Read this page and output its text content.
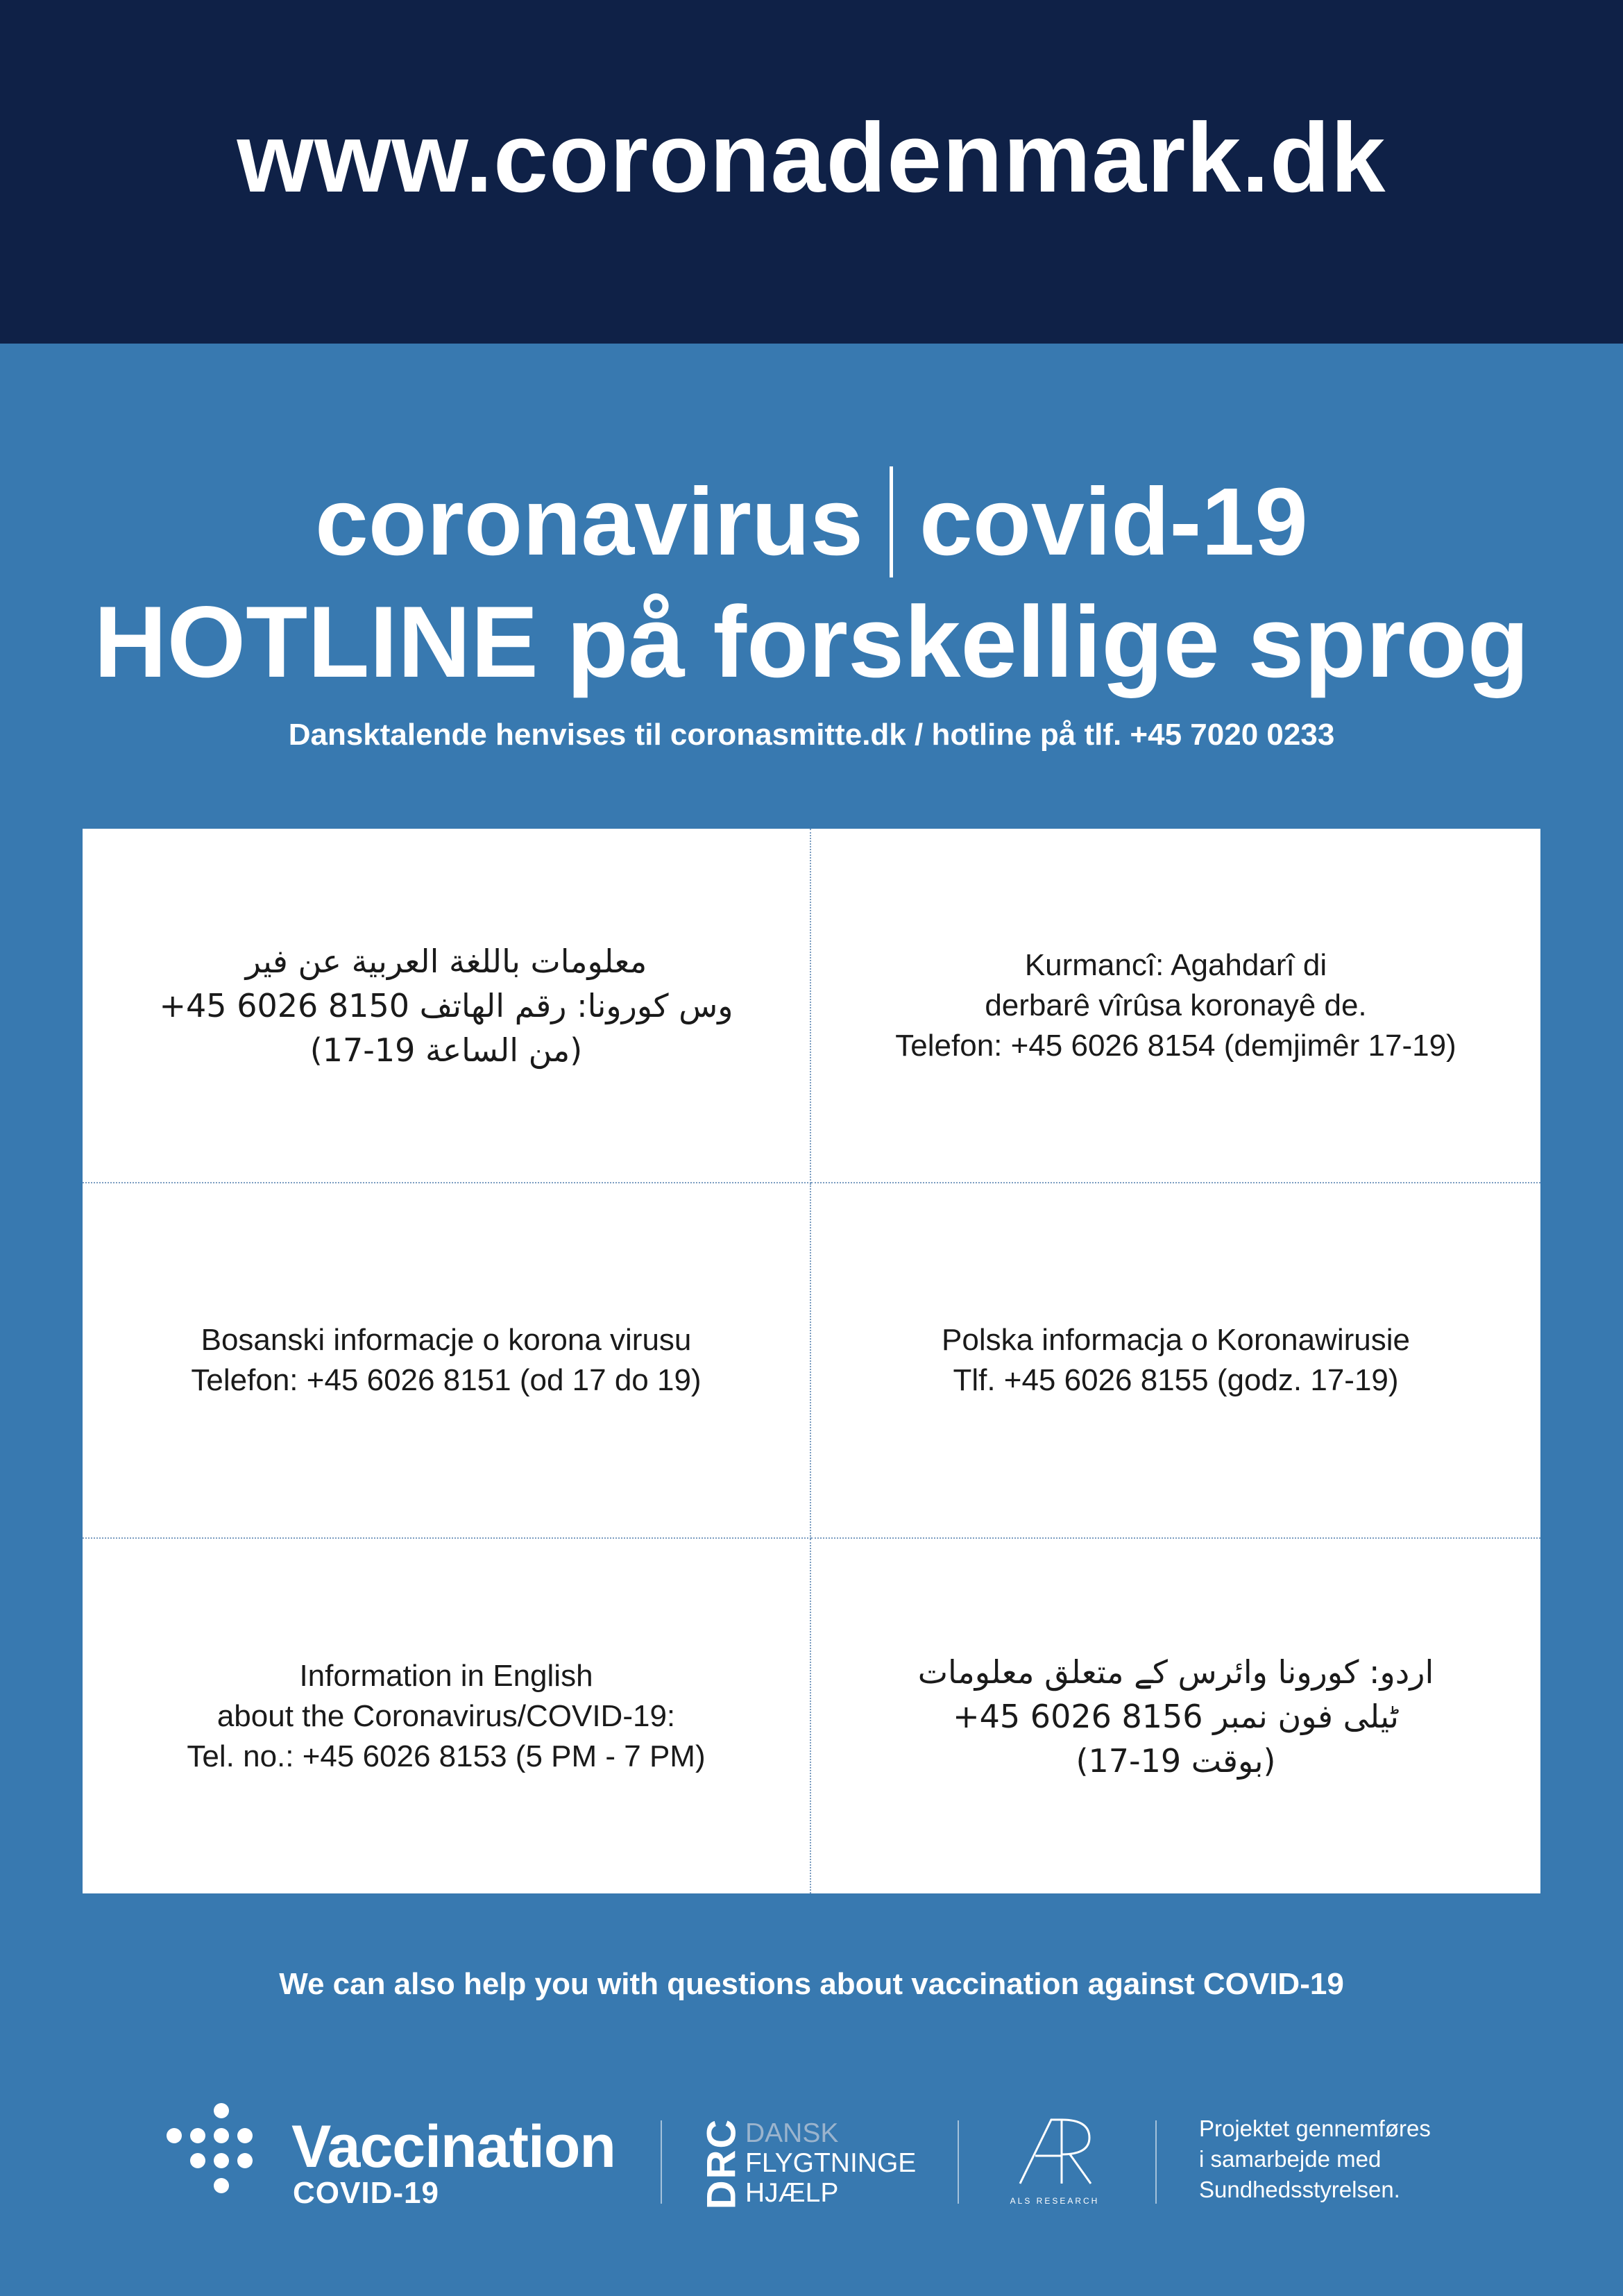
www.coronadenmark.dk
coronavirus covid-19
HOTLINE på forskellige sprog
Dansktalende henvises til coronasmitte.dk / hotline på tlf. +45 7020 0233
معلومات باللغة العربية عن فير
وس كورونا: رقم الهاتف 8150 6026 45+
(من الساعة 19-17)
Kurmancî: Agahdarî di
derbarê vîrûsa koronayê de.
Telefon: +45 6026 8154 (demjimêr 17-19)
Bosanski informacje o korona virusu
Telefon: +45 6026 8151 (od 17 do 19)
Polska informacja o Koronawirusie
Tlf. +45 6026 8155 (godz. 17-19)
Information in English
about the Coronavirus/COVID-19:
Tel. no.: +45 6026 8153 (5 PM - 7 PM)
اردو: کورونا وائرس کے متعلق معلومات
ٹیلی فون نمبر 8156 6026 45+
(بوقت 19-17)
We can also help you with questions about vaccination against COVID-19
Vaccination
COVID-19	DRC DANSK
FLYGTNINGE
HJÆLP	ALS RESEARCH
Projektet gennemføres
i samarbejde med
Sundhedsstyrelsen.
